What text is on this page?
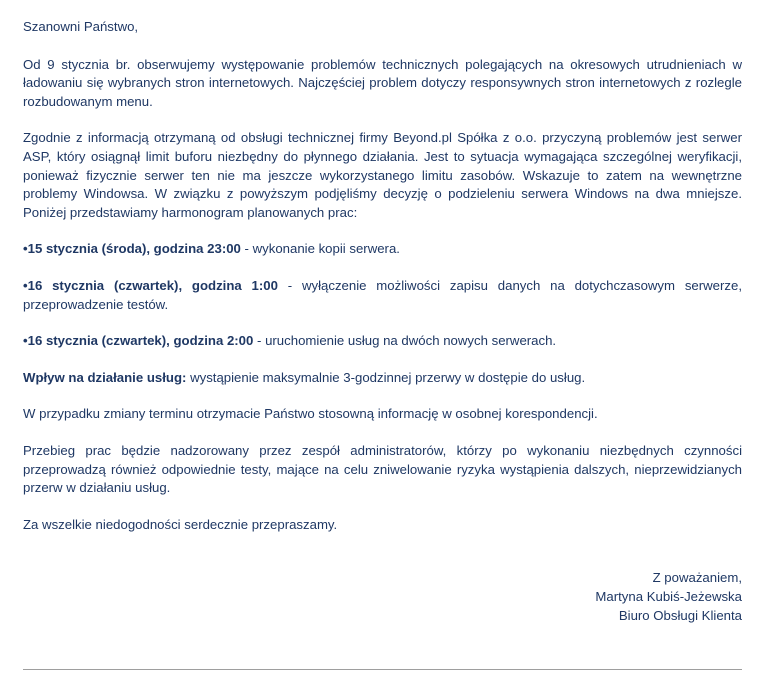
Szanowni Państwo,

Od 9 stycznia br. obserwujemy występowanie problemów technicznych polegających na okresowych utrudnieniach w ładowaniu się wybranych stron internetowych. Najczęściej problem dotyczy responsywnych stron internetowych z rozlegle rozbudowanym menu.

Zgodnie z informacją otrzymaną od obsługi technicznej firmy Beyond.pl Spółka z o.o. przyczyną problemów jest serwer ASP, który osiągnął limit buforu niezbędny do płynnego działania. Jest to sytuacja wymagająca szczególnej weryfikacji, ponieważ fizycznie serwer ten nie ma jeszcze wykorzystanego limitu zasobów. Wskazuje to zatem na wewnętrzne problemy Windowsa. W związku z powyższym podjęliśmy decyzję o podzieleniu serwera Windows na dwa mniejsze. Poniżej przedstawiamy harmonogram planowanych prac:

•15 stycznia (środa), godzina 23:00 - wykonanie kopii serwera.

•16 stycznia (czwartek), godzina 1:00 - wyłączenie możliwości zapisu danych na dotychczasowym serwerze, przeprowadzenie testów.

•16 stycznia (czwartek), godzina 2:00 - uruchomienie usług na dwóch nowych serwerach.

Wpływ na działanie usług: wystąpienie maksymalnie 3-godzinnej przerwy w dostępie do usług.

W przypadku zmiany terminu otrzymacie Państwo stosowną informację w osobnej korespondencji.

Przebieg prac będzie nadzorowany przez zespół administratorów, którzy po wykonaniu niezbędnych czynności przeprowadzą również odpowiednie testy, mające na celu zniwelowanie ryzyka wystąpienia dalszych, nieprzewidzianych przerw w działaniu usług.

Za wszelkie niedogodności serdecznie przepraszamy.

Z poważaniem,
Martyna Kubiś-Jeżewska
Biuro Obsługi Klienta
